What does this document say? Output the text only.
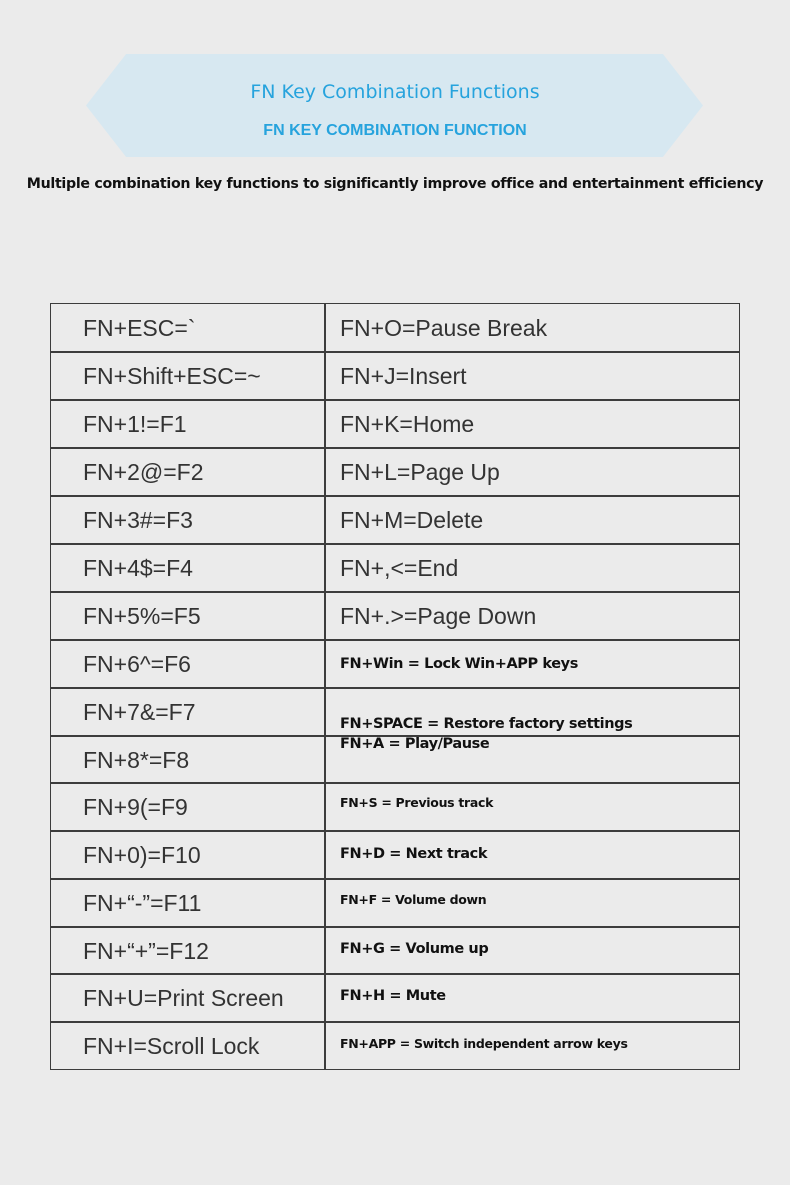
FN Key Combination Functions
FN KEY COMBINATION FUNCTION
Multiple combination key functions to significantly improve office and entertainment efficiency
FN+ESC=`
FN+Shift+ESC=~
FN+1!=F1
FN+2@=F2
FN+3#=F3
FN+4$=F4
FN+5%=F5
FN+6^=F6
FN+7&=F7
FN+8*=F8
FN+9(=F9
FN+0)=F10
FN+“-”=F11
FN+“+”=F12
FN+U=Print Screen
FN+I=Scroll Lock
FN+O=Pause Break
FN+J=Insert
FN+K=Home
FN+L=Page Up
FN+M=Delete
FN+,<=End
FN+.>=Page Down
FN+Win = Lock Win+APP keys
FN+SPACE = Restore factory settings
FN+A = Play/Pause
FN+S = Previous track
FN+D = Next track
FN+F = Volume down
FN+G = Volume up
FN+H = Mute
FN+APP = Switch independent arrow keys
